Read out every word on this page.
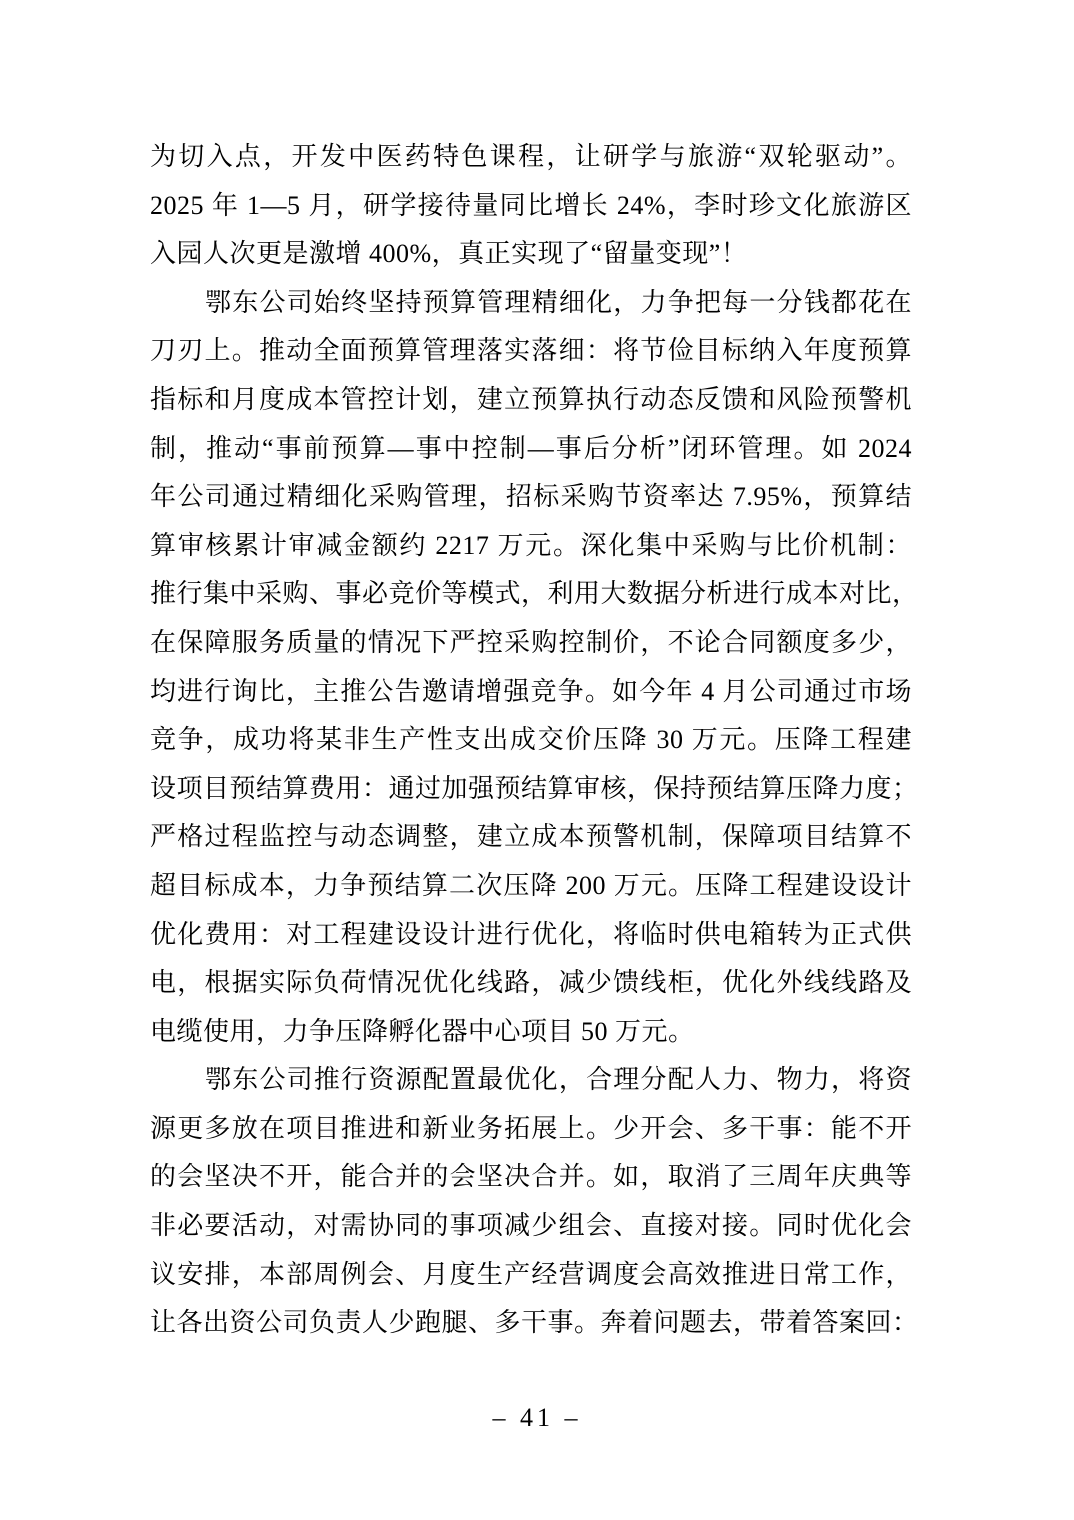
为切入点，开发中医药特色课程，让研学与旅游“双轮驱动”。
2025 年 1—5 月，研学接待量同比增长 24%，李时珍文化旅游区
入园人次更是激增 400%，真正实现了“留量变现”！
鄂东公司始终坚持预算管理精细化，力争把每一分钱都花在
刀刃上。推动全面预算管理落实落细：将节俭目标纳入年度预算
指标和月度成本管控计划，建立预算执行动态反馈和风险预警机
制，推动“事前预算—事中控制—事后分析”闭环管理。如 2024
年公司通过精细化采购管理，招标采购节资率达 7.95%，预算结
算审核累计审减金额约 2217 万元。深化集中采购与比价机制：
推行集中采购、事必竞价等模式，利用大数据分析进行成本对比，
在保障服务质量的情况下严控采购控制价，不论合同额度多少，
均进行询比，主推公告邀请增强竞争。如今年 4 月公司通过市场
竞争，成功将某非生产性支出成交价压降 30 万元。压降工程建
设项目预结算费用：通过加强预结算审核，保持预结算压降力度；
严格过程监控与动态调整，建立成本预警机制，保障项目结算不
超目标成本，力争预结算二次压降 200 万元。压降工程建设设计
优化费用：对工程建设设计进行优化，将临时供电箱转为正式供
电，根据实际负荷情况优化线路，减少馈线柜，优化外线线路及
电缆使用，力争压降孵化器中心项目 50 万元。
鄂东公司推行资源配置最优化，合理分配人力、物力，将资
源更多放在项目推进和新业务拓展上。少开会、多干事：能不开
的会坚决不开，能合并的会坚决合并。如，取消了三周年庆典等
非必要活动，对需协同的事项减少组会、直接对接。同时优化会
议安排，本部周例会、月度生产经营调度会高效推进日常工作，
让各出资公司负责人少跑腿、多干事。奔着问题去，带着答案回：
– 41 –
